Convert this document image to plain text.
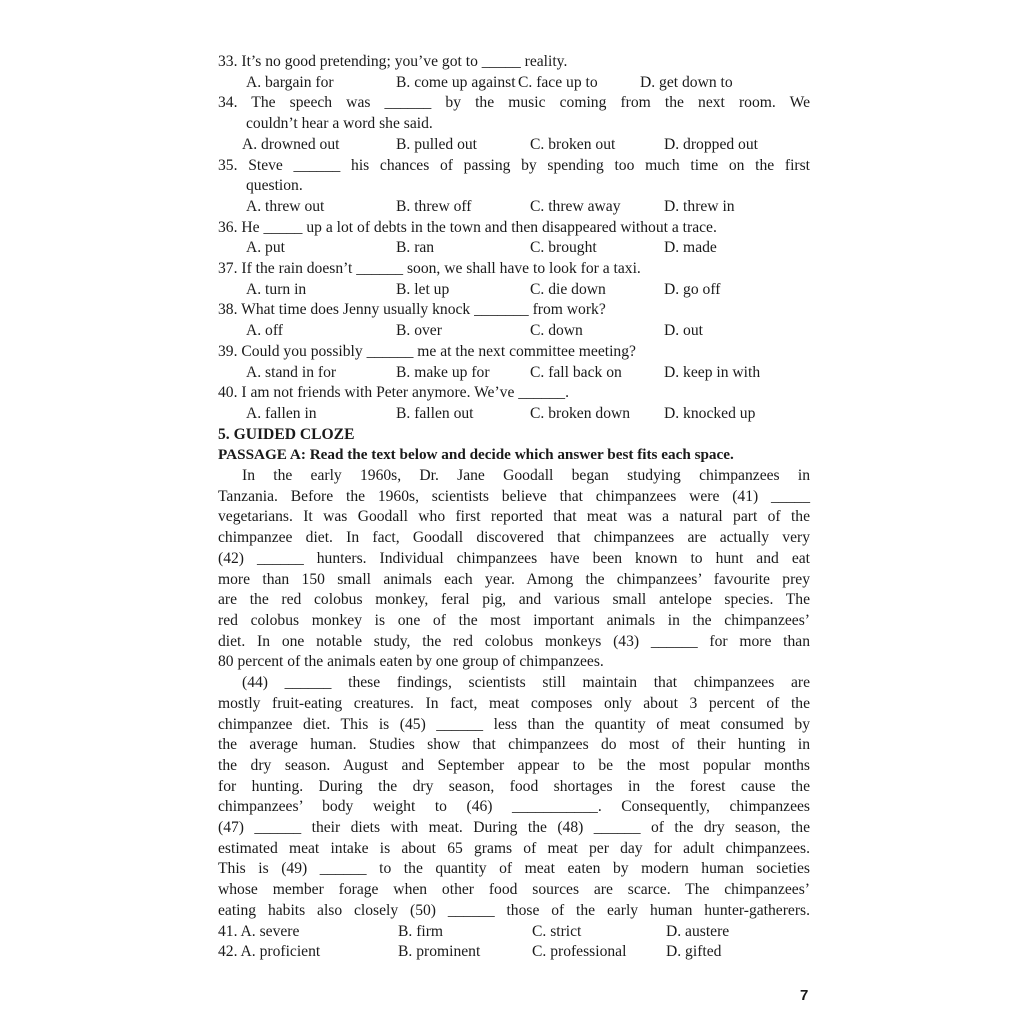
33. It’s no good pretending; you’ve got to _____ reality.
A. bargain for	B. come up against C. face up to	D. get down to
34. The speech was ______ by the music coming from the next room. We
couldn’t hear a word she said.
A. drowned out	B. pulled out	C. broken out	D. dropped out
35. Steve ______ his chances of passing by spending too much time on the first
question.
A. threw out	B. threw off	C. threw away	D. threw in
36. He _____ up a lot of debts in the town and then disappeared without a trace.
A. put	B. ran	C. brought	D. made
37. If the rain doesn’t ______ soon, we shall have to look for a taxi.
A. turn in	B. let up	C. die down	D. go off
38. What time does Jenny usually knock _______ from work?
A. off	B. over	C. down	D. out
39. Could you possibly ______ me at the next committee meeting?
A. stand in for	B. make up for	C. fall back on	D. keep in with
40. I am not friends with Peter anymore. We’ve ______.
A. fallen in	B. fallen out	C. broken down	D. knocked up
5. GUIDED CLOZE
PASSAGE A: Read the text below and decide which answer best fits each space.
In the early 1960s, Dr. Jane Goodall began studying chimpanzees in
Tanzania. Before the 1960s, scientists believe that chimpanzees were (41) _____
vegetarians. It was Goodall who first reported that meat was a natural part of the
chimpanzee diet. In fact, Goodall discovered that chimpanzees are actually very
(42) ______ hunters. Individual chimpanzees have been known to hunt and eat
more than 150 small animals each year. Among the chimpanzees’ favourite prey
are the red colobus monkey, feral pig, and various small antelope species. The
red colobus monkey is one of the most important animals in the chimpanzees’
diet. In one notable study, the red colobus monkeys (43) ______ for more than
80 percent of the animals eaten by one group of chimpanzees.
(44) ______ these findings, scientists still maintain that chimpanzees are
mostly fruit-eating creatures. In fact, meat composes only about 3 percent of the
chimpanzee diet. This is (45) ______ less than the quantity of meat consumed by
the average human. Studies show that chimpanzees do most of their hunting in
the dry season. August and September appear to be the most popular months
for hunting. During the dry season, food shortages in the forest cause the
chimpanzees’ body weight to (46) ___________. Consequently, chimpanzees
(47) ______ their diets with meat. During the (48) ______ of the dry season, the
estimated meat intake is about 65 grams of meat per day for adult chimpanzees.
This is (49) ______ to the quantity of meat eaten by modern human societies
whose member forage when other food sources are scarce. The chimpanzees’
eating habits also closely (50) ______ those of the early human hunter-gatherers.
41. A. severe	B. firm	C. strict	D. austere
42. A. proficient	B. prominent	C. professional	D. gifted
7
